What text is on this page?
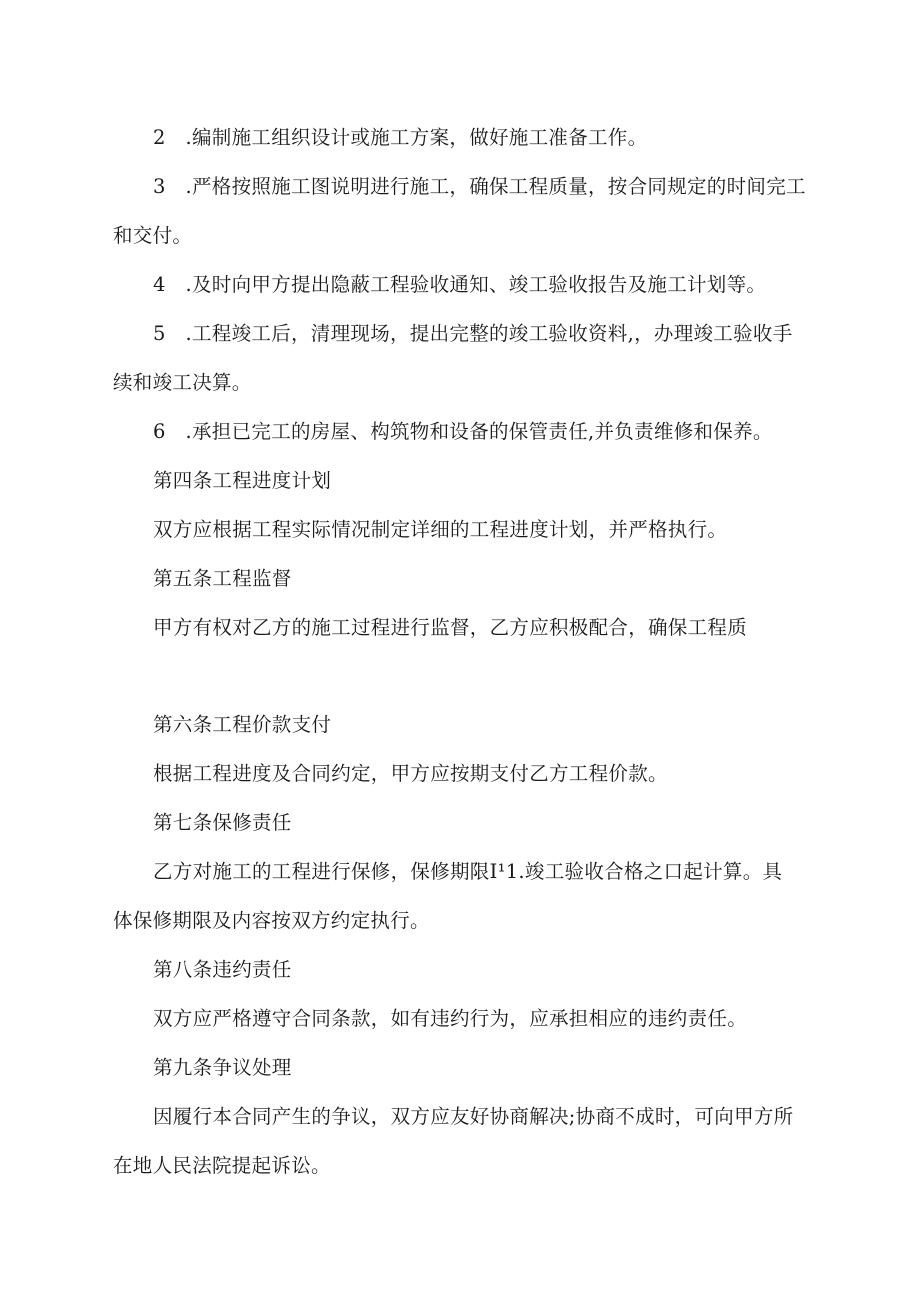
2　.编制施工组织设计或施工方案，做好施工准备工作。

3　.严格按照施工图说明进行施工，确保工程质量，按合同规定的时间完工

和交付。

4　.及时向甲方提出隐蔽工程验收通知、竣工验收报告及施工计划等。

5　.工程竣工后，清理现场，提出完整的竣工验收资料,，办理竣工验收手

续和竣工决算。

6　.承担已完工的房屋、构筑物和设备的保管责任,并负责维修和保养。

第四条工程进度计划

双方应根据工程实际情况制定详细的工程进度计划，并严格执行。

第五条工程监督

甲方有权对乙方的施工过程进行监督，乙方应积极配合，确保工程质

第六条工程价款支付

根据工程进度及合同约定，甲方应按期支付乙方工程价款。

第七条保修责任

乙方对施工的工程进行保修，保修期限I¹1.竣工验收合格之口起计算。具

体保修期限及内容按双方约定执行。

第八条违约责任

双方应严格遵守合同条款，如有违约行为，应承担相应的违约责任。

第九条争议处理

因履行本合同产生的争议，双方应友好协商解决;协商不成时，可向甲方所

在地人民法院提起诉讼。
